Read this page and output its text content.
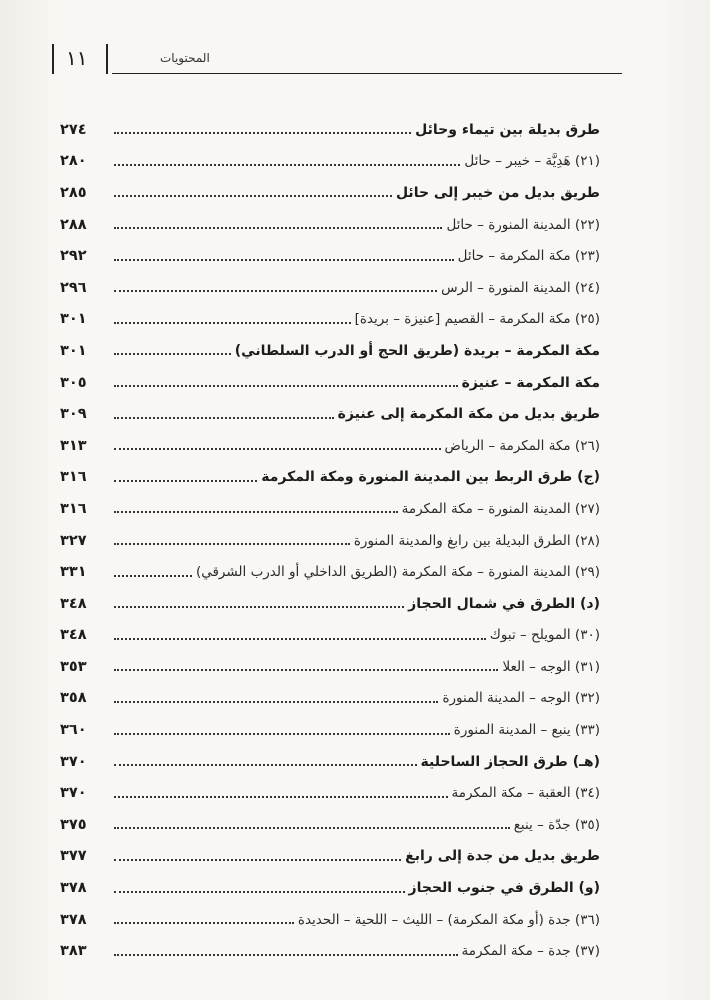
١١	المحتويات
٢٧٤	طرق بديلة بين تيماء وحائل
٢٨٠	(٢١) هَدِيَّة – خيبر – حائل
٢٨٥	طريق بديل من خيبر إلى حائل
٢٨٨	(٢٢) المدينة المنورة – حائل
٢٩٢	(٢٣) مكة المكرمة – حائل
٢٩٦	(٢٤) المدينة المنورة – الرس
٣٠١	(٢٥) مكة المكرمة – القصيم [عنيزة – بريدة]
٣٠١	مكة المكرمة – بريدة (طريق الحج أو الدرب السلطاني)
٣٠٥	مكة المكرمة – عنيزة
٣٠٩	طريق بديل من مكة المكرمة إلى عنيزة
٣١٣	(٢٦) مكة المكرمة – الرياض
٣١٦	(ج) طرق الربط بين المدينة المنورة ومكة المكرمة
٣١٦	(٢٧) المدينة المنورة – مكة المكرمة
٣٢٧	(٢٨) الطرق البديلة بين رابغ والمدينة المنورة
٣٣١	(٢٩) المدينة المنورة – مكة المكرمة (الطريق الداخلي أو الدرب الشرقي)
٣٤٨	(د) الطرق في شمال الحجاز
٣٤٨	(٣٠) المويلح – تبوك
٣٥٣	(٣١) الوجه – العلا
٣٥٨	(٣٢) الوجه – المدينة المنورة
٣٦٠	(٣٣) ينبع – المدينة المنورة
٣٧٠	(هـ) طرق الحجاز الساحلية
٣٧٠	(٣٤) العقبة – مكة المكرمة
٣٧٥	(٣٥) جدّة – ينبع
٣٧٧	طريق بديل من جدة إلى رابغ
٣٧٨	(و) الطرق في جنوب الحجاز
٣٧٨	(٣٦) جدة (أو مكة المكرمة) – الليث – اللحية – الحديدة
٣٨٣	(٣٧) جدة – مكة المكرمة
